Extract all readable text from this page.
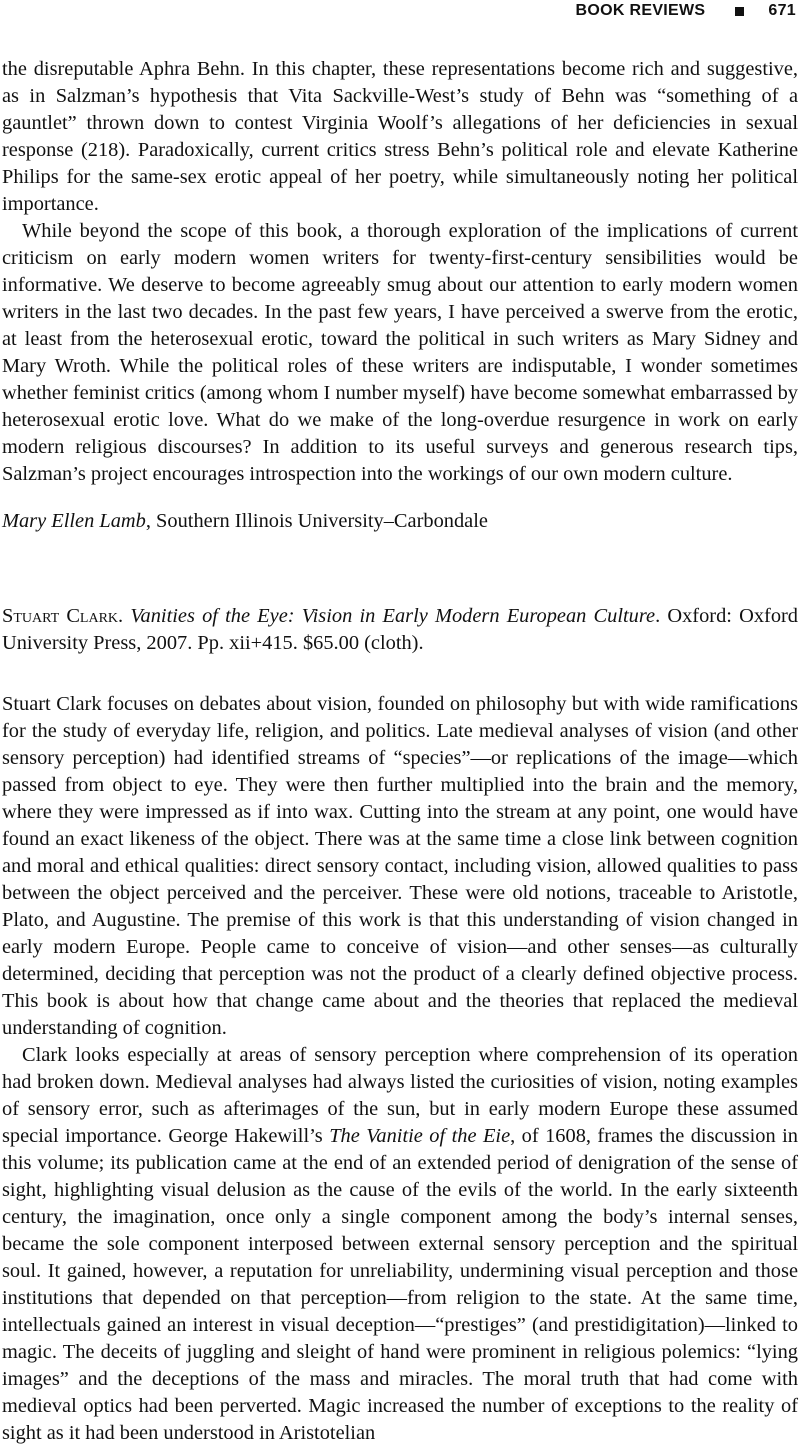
BOOK REVIEWS	671

the disreputable Aphra Behn. In this chapter, these representations become rich and suggestive, as in Salzman’s hypothesis that Vita Sackville-West’s study of Behn was “something of a gauntlet” thrown down to contest Virginia Woolf’s allegations of her deficiencies in sexual response (218). Paradoxically, current critics stress Behn’s political role and elevate Katherine Philips for the same-sex erotic appeal of her poetry, while simultaneously noting her political importance.

While beyond the scope of this book, a thorough exploration of the implications of current criticism on early modern women writers for twenty-first-century sensibilities would be informative. We deserve to become agreeably smug about our attention to early modern women writers in the last two decades. In the past few years, I have perceived a swerve from the erotic, at least from the heterosexual erotic, toward the political in such writers as Mary Sidney and Mary Wroth. While the political roles of these writers are indisputable, I wonder sometimes whether feminist critics (among whom I number myself) have become somewhat embarrassed by heterosexual erotic love. What do we make of the long-overdue resurgence in work on early modern religious discourses? In addition to its useful surveys and generous research tips, Salzman’s project encourages introspection into the workings of our own modern culture.

Mary Ellen Lamb, Southern Illinois University–Carbondale

Stuart Clark. Vanities of the Eye: Vision in Early Modern European Culture. Oxford: Oxford University Press, 2007. Pp. xii+415. $65.00 (cloth).

Stuart Clark focuses on debates about vision, founded on philosophy but with wide ramifications for the study of everyday life, religion, and politics. Late medieval analyses of vision (and other sensory perception) had identified streams of “species”—or replications of the image—which passed from object to eye. They were then further multiplied into the brain and the memory, where they were impressed as if into wax. Cutting into the stream at any point, one would have found an exact likeness of the object. There was at the same time a close link between cognition and moral and ethical qualities: direct sensory contact, including vision, allowed qualities to pass between the object perceived and the perceiver. These were old notions, traceable to Aristotle, Plato, and Augustine. The premise of this work is that this understanding of vision changed in early modern Europe. People came to conceive of vision—and other senses—as culturally determined, deciding that perception was not the product of a clearly defined objective process. This book is about how that change came about and the theories that replaced the medieval understanding of cognition.

Clark looks especially at areas of sensory perception where comprehension of its operation had broken down. Medieval analyses had always listed the curiosities of vision, noting examples of sensory error, such as afterimages of the sun, but in early modern Europe these assumed special importance. George Hakewill’s The Vanitie of the Eie, of 1608, frames the discussion in this volume; its publication came at the end of an extended period of denigration of the sense of sight, highlighting visual delusion as the cause of the evils of the world. In the early sixteenth century, the imagination, once only a single component among the body’s internal senses, became the sole component interposed between external sensory perception and the spiritual soul. It gained, however, a reputation for unreliability, undermining visual perception and those institutions that depended on that perception—from religion to the state. At the same time, intellectuals gained an interest in visual deception—“prestiges” (and prestidigitation)—linked to magic. The deceits of juggling and sleight of hand were prominent in religious polemics: “lying images” and the deceptions of the mass and miracles. The moral truth that had come with medieval optics had been perverted. Magic increased the number of exceptions to the reality of sight as it had been understood in Aristotelian
